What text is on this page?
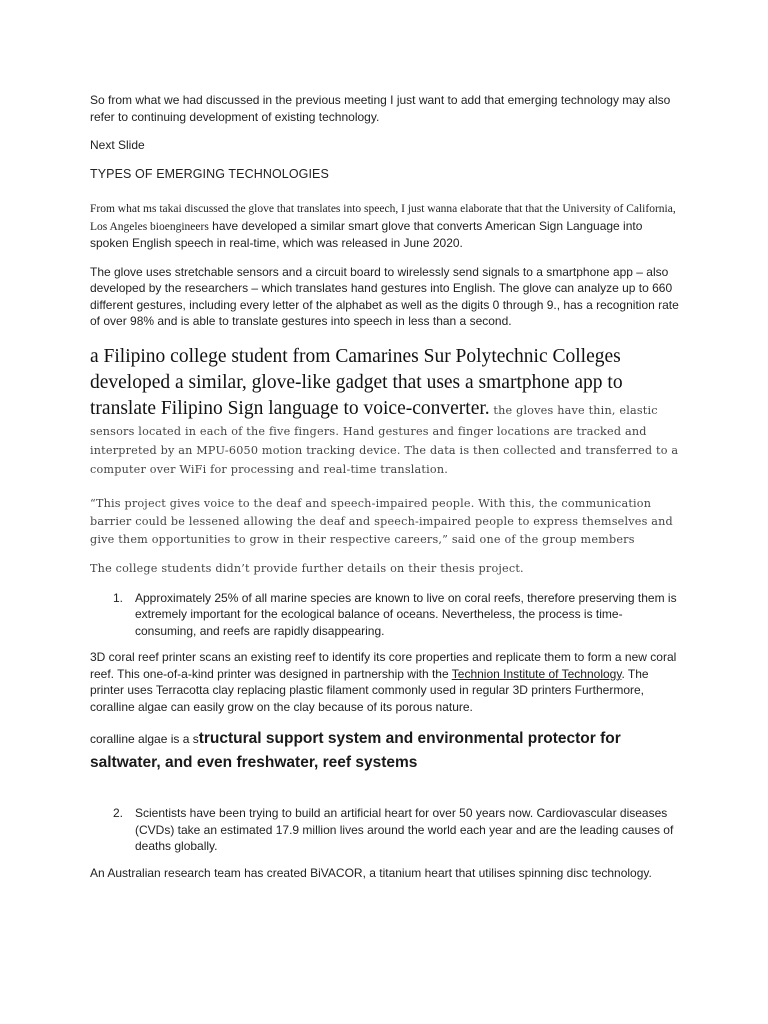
So from what we had discussed in the previous meeting I just want to add that emerging technology may also refer to continuing development of existing technology.

Next Slide

TYPES OF EMERGING TECHNOLOGIES

From what ms takai discussed the glove that translates into speech, I just wanna elaborate that that the University of California, Los Angeles bioengineers have developed a similar smart glove that converts American Sign Language into spoken English speech in real-time, which was released in June 2020.

The glove uses stretchable sensors and a circuit board to wirelessly send signals to a smartphone app – also developed by the researchers – which translates hand gestures into English. The glove can analyze up to 660 different gestures, including every letter of the alphabet as well as the digits 0 through 9., has a recognition rate of over 98% and is able to translate gestures into speech in less than a second.

a Filipino college student from Camarines Sur Polytechnic Colleges developed a similar, glove-like gadget that uses a smartphone app to translate Filipino Sign language to voice-converter. the gloves have thin, elastic sensors located in each of the five fingers. Hand gestures and finger locations are tracked and interpreted by an MPU-6050 motion tracking device. The data is then collected and transferred to a computer over WiFi for processing and real-time translation.

“This project gives voice to the deaf and speech-impaired people. With this, the communication barrier could be lessened allowing the deaf and speech-impaired people to express themselves and give them opportunities to grow in their respective careers,” said one of the group members

The college students didn’t provide further details on their thesis project.

1. Approximately 25% of all marine species are known to live on coral reefs, therefore preserving them is extremely important for the ecological balance of oceans. Nevertheless, the process is time-consuming, and reefs are rapidly disappearing.

3D coral reef printer scans an existing reef to identify its core properties and replicate them to form a new coral reef. This one-of-a-kind printer was designed in partnership with the Technion Institute of Technology. The printer uses Terracotta clay replacing plastic filament commonly used in regular 3D printers Furthermore, coralline algae can easily grow on the clay because of its porous nature.

coralline algae is a structural support system and environmental protector for saltwater, and even freshwater, reef systems

2. Scientists have been trying to build an artificial heart for over 50 years now. Cardiovascular diseases (CVDs) take an estimated 17.9 million lives around the world each year and are the leading causes of deaths globally.

An Australian research team has created BiVACOR, a titanium heart that utilises spinning disc technology.
